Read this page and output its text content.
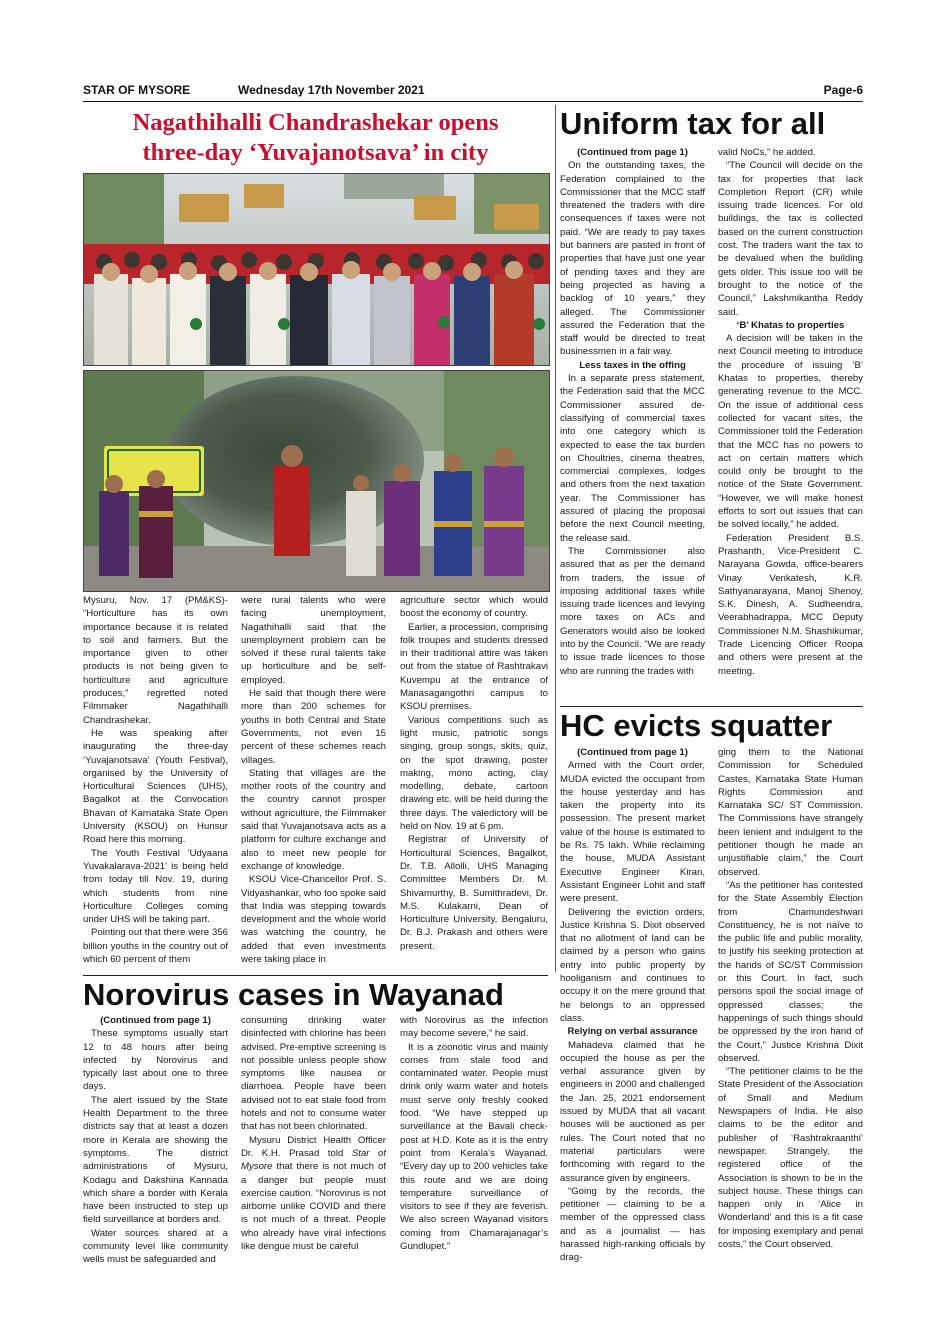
STAR OF MYSORE	Wednesday 17th November 2021	Page-6
Nagathihalli Chandrashekar opens
three-day ‘Yuvajanotsava’ in city

Mysuru, Nov. 17 (PM&KS)- “Horticulture has its own importance because it is related to soil and farmers. But the importance given to other products is not being given to horticulture and agriculture produces,” regretted noted Filmmaker Nagathihalli Chandrashekar.

He was speaking after inaugurating the three-day ‘Yuvajanotsava’ (Youth Festival), organised by the University of Horticultural Sciences (UHS), Bagalkot at the Convocation Bhavan of Karnataka State Open University (KSOU) on Hunsur Road here this morning.

The Youth Festival ‘Udyaana Yuvakalarava-2021’ is being held from today till Nov. 19, during which students from nine Horticulture Colleges coming under UHS will be taking part.

Pointing out that there were 356 billion youths in the country out of which 60 percent of them

were rural talents who were facing unemployment, Nagathihalli said that the unemployment problem can be solved if these rural talents take up horticulture and be self-employed.

He said that though there were more than 200 schemes for youths in both Central and State Governments, not even 15 percent of these schemes reach villages.

Stating that villages are the mother roots of the country and the country cannot prosper without agriculture, the Filmmaker said that Yuvajanotsava acts as a platform for culture exchange and also to meet new people for exchange of knowledge.

KSOU Vice-Chancellor Prof. S. Vidyashankar, who too spoke said that India was stepping towards development and the whole world was watching the country, he added that even investments were taking place in

agriculture sector which would boost the economy of country.

Earlier, a procession, comprising folk troupes and students dressed in their traditional attire was taken out from the statue of Rashtrakavi Kuvempu at the entrance of Manasagangothri campus to KSOU premises.

Various competitions such as light music, patriotic songs singing, group songs, skits, quiz, on the spot drawing, poster making, mono acting, clay modelling, debate, cartoon drawing etc. will be held during the three days. The valedictory will be held on Nov. 19 at 6 pm.

Registrar of University of Horticultural Sciences, Bagalkot, Dr. T.B. Allolli, UHS Managing Committee Members Dr. M. Shivamurthy, B. Sumithradevi, Dr. M.S. Kulakarni, Dean of Horticulture University, Bengaluru, Dr. B.J. Prakash and others were present.

Uniform tax for all

(Continued from page 1)

On the outstanding taxes, the Federation complained to the Commissioner that the MCC staff threatened the traders with dire consequences if taxes were not paid. “We are ready to pay taxes but banners are pasted in front of properties that have just one year of pending taxes and they are being projected as having a backlog of 10 years,” they alleged. The Commissioner assured the Federation that the staff would be directed to treat businessmen in a fair way.

Less taxes in the offing

In a separate press statement, the Federation said that the MCC Commissioner assured de-classifying of commercial taxes into one category which is expected to ease the tax burden on Choultries, cinema theatres, commercial complexes, lodges and others from the next taxation year. The Commissioner has assured of placing the proposal before the next Council meeting, the release said.

The Commissioner also assured that as per the demand from traders, the issue of imposing additional taxes while issuing trade licences and levying more taxes on ACs and Generators would also be looked into by the Council. “We are ready to issue trade licences to those who are running the trades with

valid NoCs,” he added.

“The Council will decide on the tax for properties that lack Completion Report (CR) while issuing trade licences. For old buildings, the tax is collected based on the current construction cost. The traders want the tax to be devalued when the building gets older. This issue too will be brought to the notice of the Council,” Lakshmikantha Reddy said.

‘B’ Khatas to properties

A decision will be taken in the next Council meeting to introduce the procedure of issuing ‘B’ Khatas to properties, thereby generating revenue to the MCC. On the issue of additional cess collected for vacant sites, the Commissioner told the Federation that the MCC has no powers to act on certain matters which could only be brought to the notice of the State Government. “However, we will make honest efforts to sort out issues that can be solved locally,” he added.

Federation President B.S. Prashanth, Vice-President C. Narayana Gowda, office-bearers Vinay Venkatesh, K.R. Sathyanarayana, Manoj Shenoy, S.K. Dinesh, A. Sudheendra, Veerabhadrappa, MCC Deputy Commissioner N.M. Shashikumar, Trade Licencing Officer Roopa and others were present at the meeting.

HC evicts squatter

(Continued from page 1)

Armed with the Court order, MUDA evicted the occupant from the house yesterday and has taken the property into its possession. The present market value of the house is estimated to be Rs. 75 lakh. While reclaiming the house, MUDA Assistant Executive Engineer Kiran, Assistant Engineer Lohit and staff were present.

Delivering the eviction orders, Justice Krishna S. Dixit observed that no allotment of land can be claimed by a person who gains entry into public property by hooliganism and continues to occupy it on the mere ground that he belongs to an oppressed class.

Relying on verbal assurance

Mahadeva claimed that he occupied the house as per the verbal assurance given by engineers in 2000 and challenged the Jan. 25, 2021 endorsement issued by MUDA that all vacant houses will be auctioned as per rules. The Court noted that no material particulars were forthcoming with regard to the assurance given by engineers.

“Going by the records, the petitioner — claiming to be a member of the oppressed class and as a journalist — has harassed high-ranking officials by drag-

ging them to the National Commission for Scheduled Castes, Karnataka State Human Rights Commission and Karnataka SC/ ST Commission. The Commissions have strangely been lenient and indulgent to the petitioner though he made an unjustifiable claim,” the Court observed.

“As the petitioner has contested for the State Assembly Election from Chamundeshwari Constituency, he is not naïve to the public life and public morality, to justify his seeking protection at the hands of SC/ST Commission or this Court. In fact, such persons spoil the social image of oppressed classes; the happenings of such things should be oppressed by the iron hand of the Court,” Justice Krishna Dixit observed.

“The petitioner claims to be the State President of the Association of Small and Medium Newspapers of India. He also claims to be the editor and publisher of ‘Rashtrakraanthi’ newspaper. Strangely, the registered office of the Association is shown to be in the subject house. These things can happen only in ‘Alice in Wonderland’ and this is a fit case for imposing exemplary and penal costs,” the Court observed.

Norovirus cases in Wayanad

(Continued from page 1)

These symptoms usually start 12 to 48 hours after being infected by Norovirus and typically last about one to three days.

The alert issued by the State Health Department to the three districts say that at least a dozen more in Kerala are showing the symptoms. The district administrations of Mysuru, Kodagu and Dakshina Kannada which share a border with Kerala have been instructed to step up field surveillance at borders and.

Water sources shared at a community level like community wells must be safeguarded and

consuming drinking water disinfected with chlorine has been advised. Pre-emptive screening is not possible unless people show symptoms like nausea or diarrhoea. People have been advised not to eat stale food from hotels and not to consume water that has not been chlorinated.

Mysuru District Health Officer Dr. K.H. Prasad told Star of Mysore that there is not much of a danger but people must exercise caution. “Norovirus is not airborne unlike COVID and there is not much of a threat. People who already have viral infections like dengue must be careful

with Norovirus as the infection may become severe,” he said.

It is a zoonotic virus and mainly comes from stale food and contaminated water. People must drink only warm water and hotels must serve only freshly cooked food. “We have stepped up surveillance at the Bavali check-post at H.D. Kote as it is the entry point from Kerala’s Wayanad. “Every day up to 200 vehicles take this route and we are doing temperature surveillance of visitors to see if they are feverish. We also screen Wayanad visitors coming from Chamarajanagar’s Gundlupet.”
